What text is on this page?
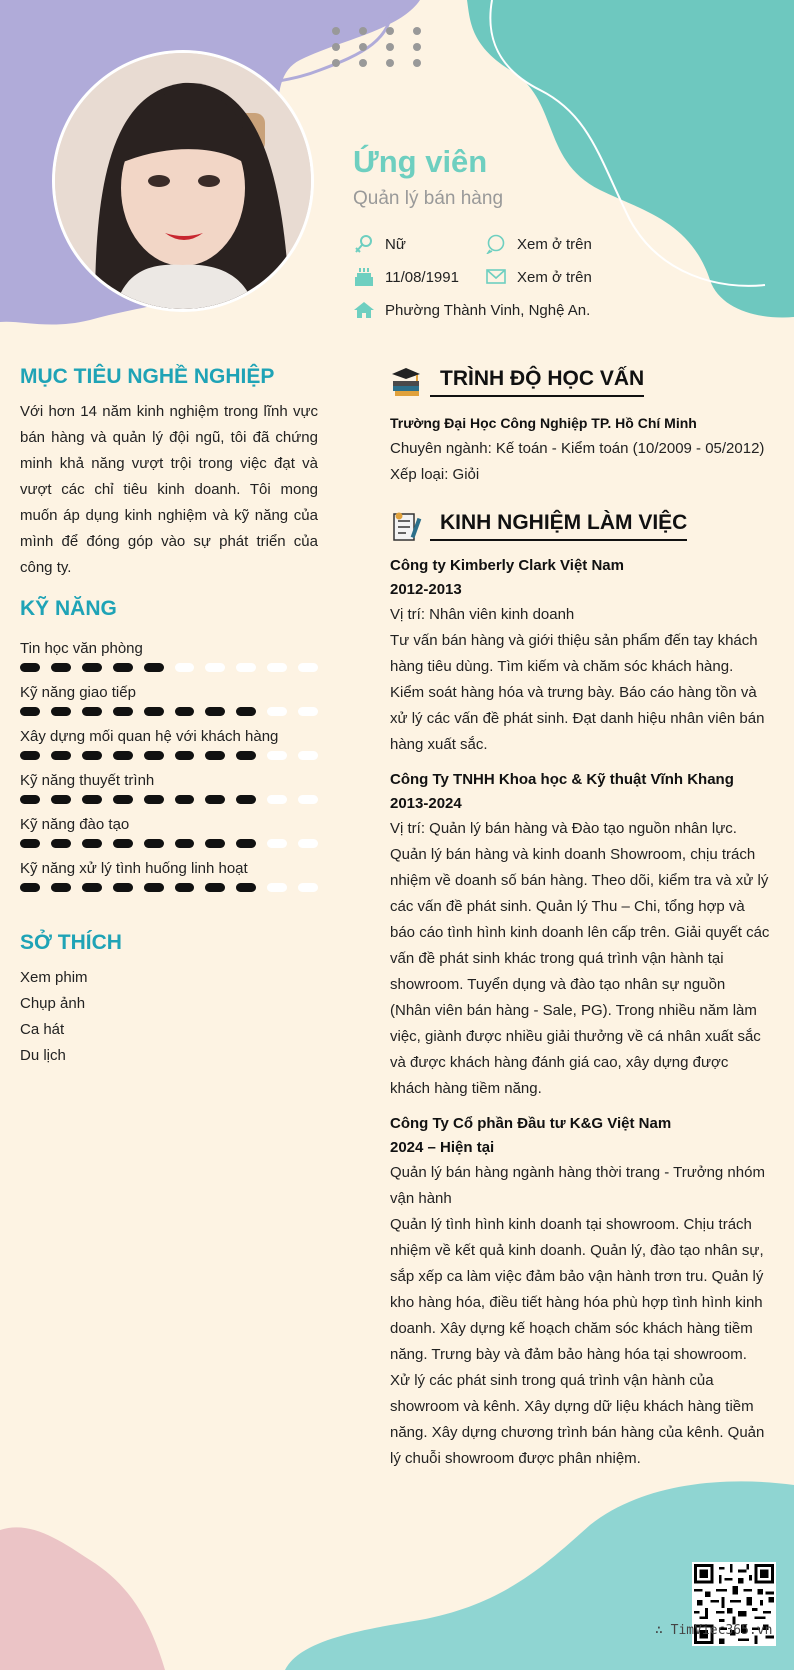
Ứng viên
Quản lý bán hàng
Nữ	Xem ở trên
11/08/1991	Xem ở trên
Phường Thành Vinh, Nghệ An.
MỤC TIÊU NGHỀ NGHIỆP

Với hơn 14 năm kinh nghiệm trong lĩnh vực bán hàng và quản lý đội ngũ, tôi đã chứng minh khả năng vượt trội trong việc đạt và vượt các chỉ tiêu kinh doanh. Tôi mong muốn áp dụng kinh nghiệm và kỹ năng của mình để đóng góp vào sự phát triển của công ty.

KỸ NĂNG
Tin học văn phòng
Kỹ năng giao tiếp
Xây dựng mối quan hệ với khách hàng
Kỹ năng thuyết trình
Kỹ năng đào tạo
Kỹ năng xử lý tình huống linh hoạt
SỞ THÍCH
Xem phim
Chụp ảnh
Ca hát
Du lịch
TRÌNH ĐỘ HỌC VẤN
Trường Đại Học Công Nghiệp TP. Hồ Chí Minh
Chuyên ngành: Kế toán - Kiểm toán (10/2009 - 05/2012)
Xếp loại: Giỏi
KINH NGHIỆM LÀM VIỆC
Công ty Kimberly Clark Việt Nam
2012-2013
Vị trí: Nhân viên kinh doanh

Tư vấn bán hàng và giới thiệu sản phẩm đến tay khách hàng tiêu dùng. Tìm kiếm và chăm sóc khách hàng. Kiểm soát hàng hóa và trưng bày. Báo cáo hàng tồn và xử lý các vấn đề phát sinh. Đạt danh hiệu nhân viên bán hàng xuất sắc.

Công Ty TNHH Khoa học & Kỹ thuật Vĩnh Khang
2013-2024
Vị trí: Quản lý bán hàng và Đào tạo nguồn nhân lực.

Quản lý bán hàng và kinh doanh Showroom, chịu trách nhiệm về doanh số bán hàng. Theo dõi, kiểm tra và xử lý các vấn đề phát sinh. Quản lý Thu – Chi, tổng hợp và báo cáo tình hình kinh doanh lên cấp trên. Giải quyết các vấn đề phát sinh khác trong quá trình vận hành tại showroom. Tuyển dụng và đào tạo nhân sự nguồn (Nhân viên bán hàng - Sale, PG). Trong nhiều năm làm việc, giành được nhiều giải thưởng về cá nhân xuất sắc và được khách hàng đánh giá cao, xây dựng được khách hàng tiềm năng.

Công Ty Cổ phần Đầu tư K&G Việt Nam
2024 – Hiện tại
Quản lý bán hàng ngành hàng thời trang - Trưởng nhóm vận hành

Quản lý tình hình kinh doanh tại showroom. Chịu trách nhiệm về kết quả kinh doanh. Quản lý, đào tạo nhân sự, sắp xếp ca làm việc đảm bảo vận hành trơn tru. Quản lý kho hàng hóa, điều tiết hàng hóa phù hợp tình hình kinh doanh. Xây dựng kế hoạch chăm sóc khách hàng tiềm năng. Trưng bày và đảm bảo hàng hóa tại showroom. Xử lý các phát sinh trong quá trình vận hành của showroom và kênh. Xây dựng dữ liệu khách hàng tiềm năng. Xây dựng chương trình bán hàng của kênh. Quản lý chuỗi showroom được phân nhiệm.

∴ TimViec365.vn
